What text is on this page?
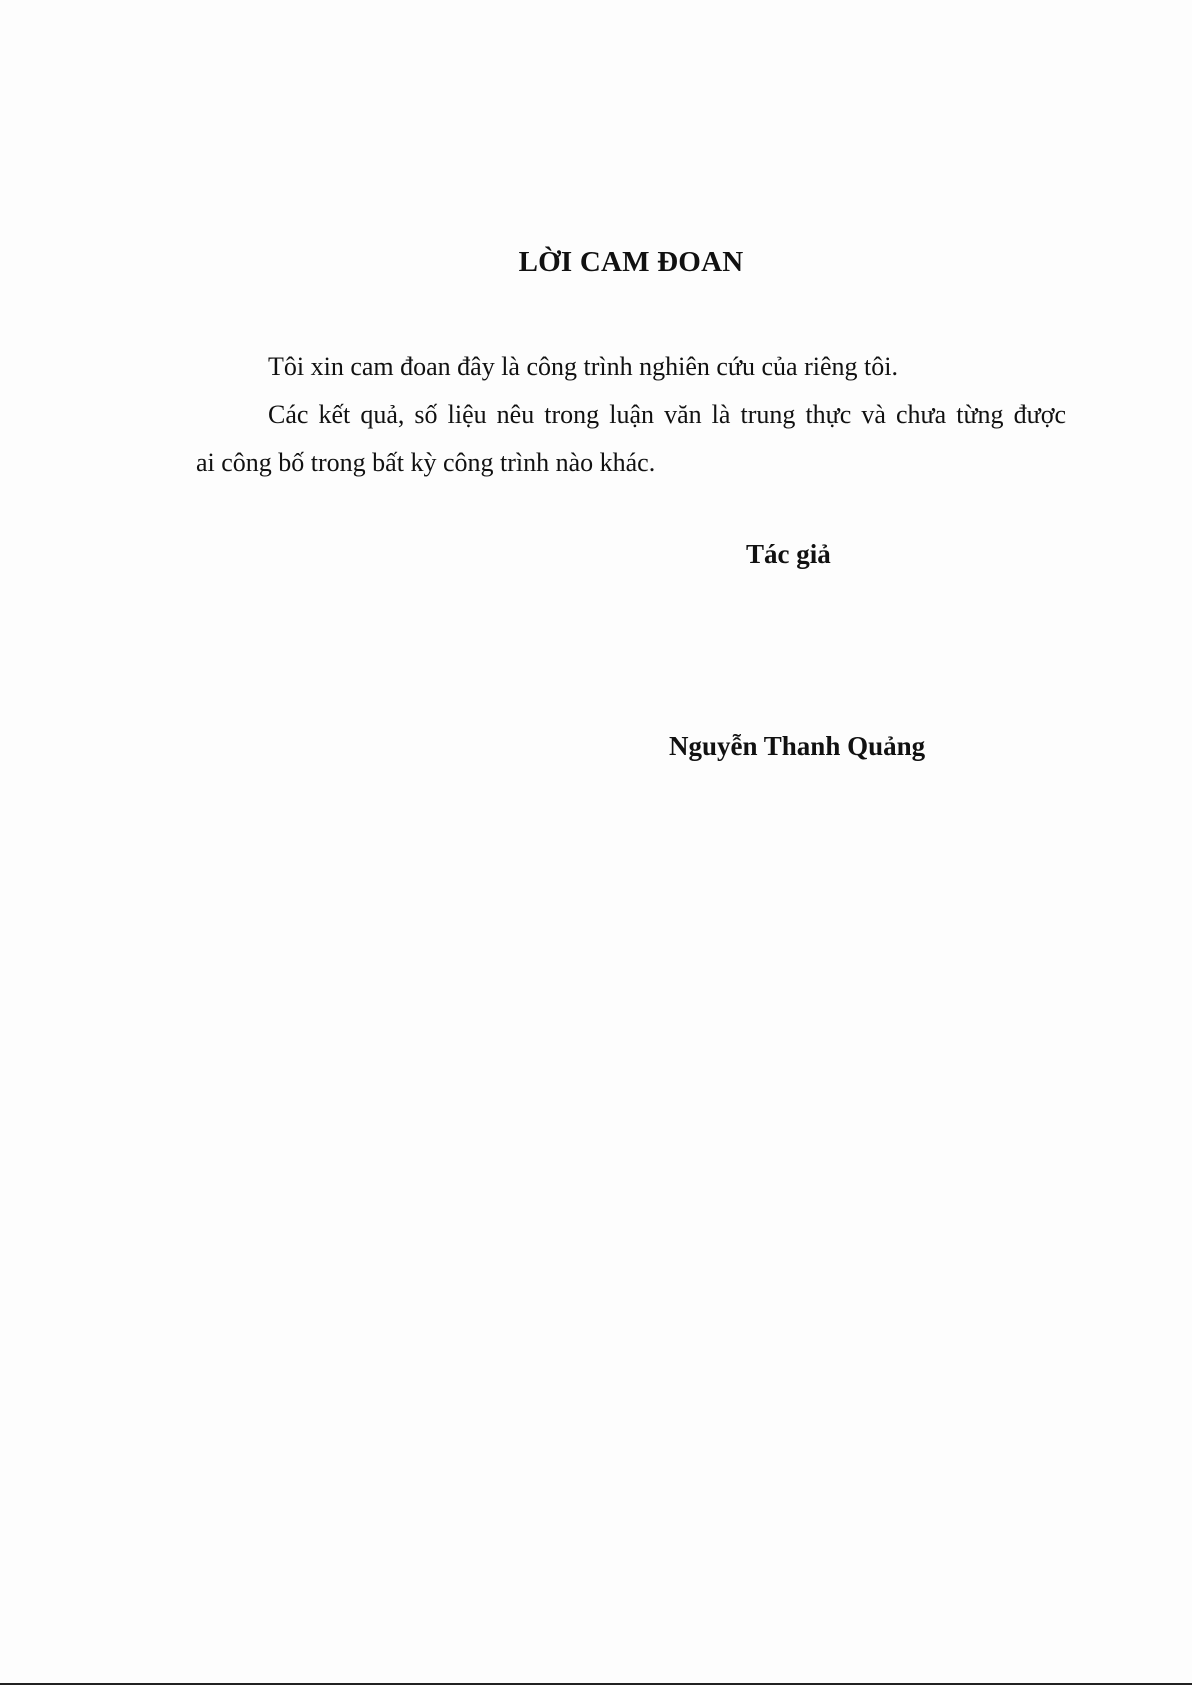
LỜI CAM ĐOAN
Tôi xin cam đoan đây là công trình nghiên cứu của riêng tôi.
Các kết quả, số liệu nêu trong luận văn là trung thực và chưa từng được
ai công bố trong bất kỳ công trình nào khác.
Tác giả
Nguyễn Thanh Quảng
